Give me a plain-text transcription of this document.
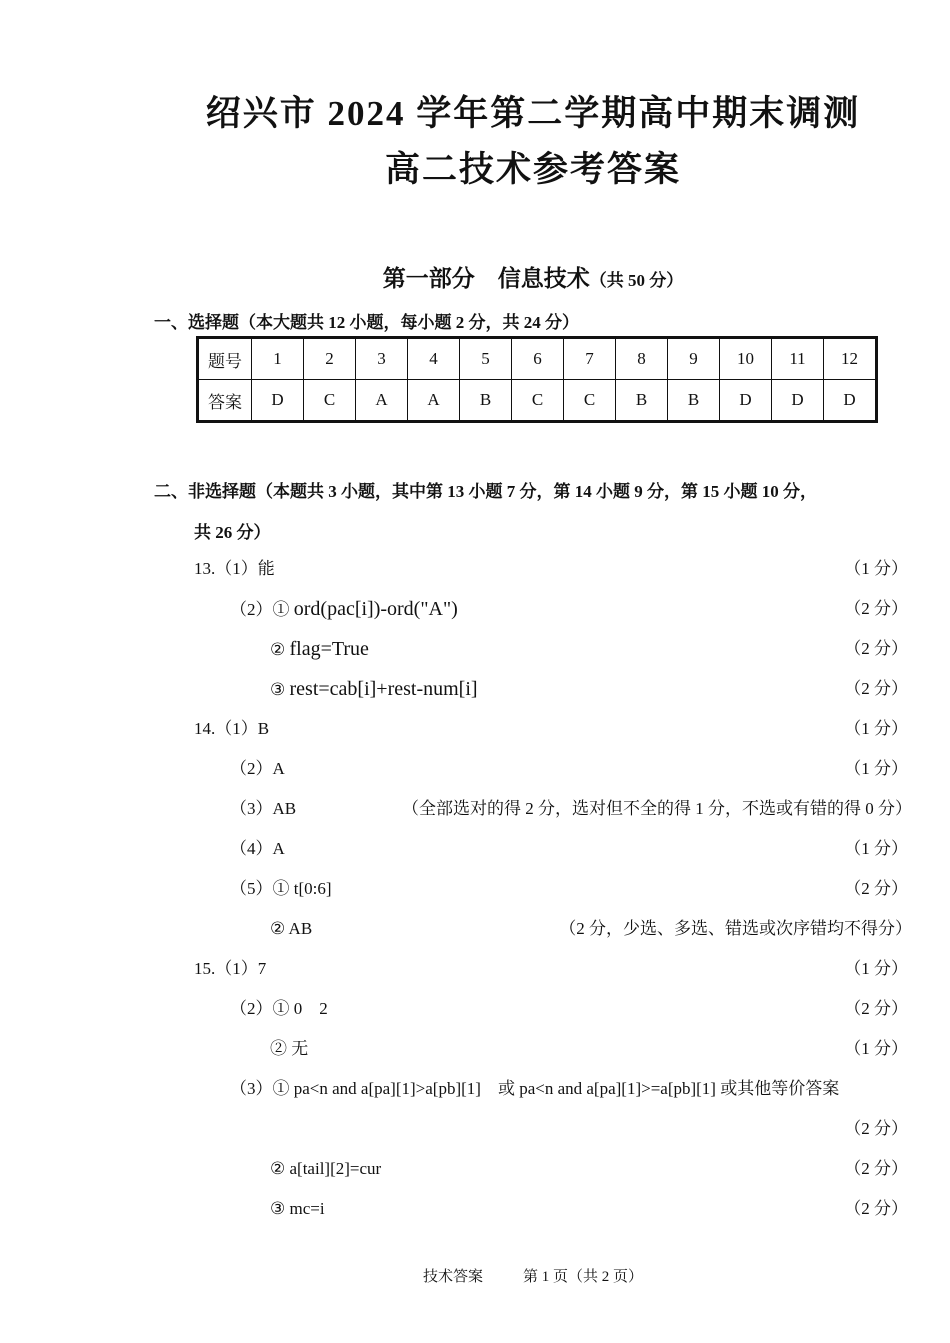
绍兴市 2024 学年第二学期高中期末调测
高二技术参考答案
第一部分　信息技术（共 50 分）
一、选择题（本大题共 12 小题，每小题 2 分，共 24 分）
题号	1	2	3	4	5	6	7	8	9	10	11	12
答案	D	C	A	A	B	C	C	B	B	D	D	D
二、非选择题（本题共 3 小题，其中第 13 小题 7 分，第 14 小题 9 分，第 15 小题 10 分，
共 26 分）
13.（1）能	（1 分）
（2）① ord(pac[i])-ord("A")	（2 分）
② flag=True	（2 分）
③ rest=cab[i]+rest-num[i]	（2 分）
14.（1）B	（1 分）
（2）A	（1 分）
（3）AB	（全部选对的得 2 分，选对但不全的得 1 分，不选或有错的得 0 分）
（4）A	（1 分）
（5）① t[0:6]	（2 分）
② AB	（2 分，少选、多选、错选或次序错均不得分）
15.（1）7	（1 分）
（2）① 0　2	（2 分）
② 无	（1 分）
（3）① pa<n and a[pa][1]>a[pb][1]　或 pa<n and a[pa][1]>=a[pb][1] 或其他等价答案
（2 分）
② a[tail][2]=cur	（2 分）
③ mc=i	（2 分）
技术答案	第 1 页（共 2 页）
